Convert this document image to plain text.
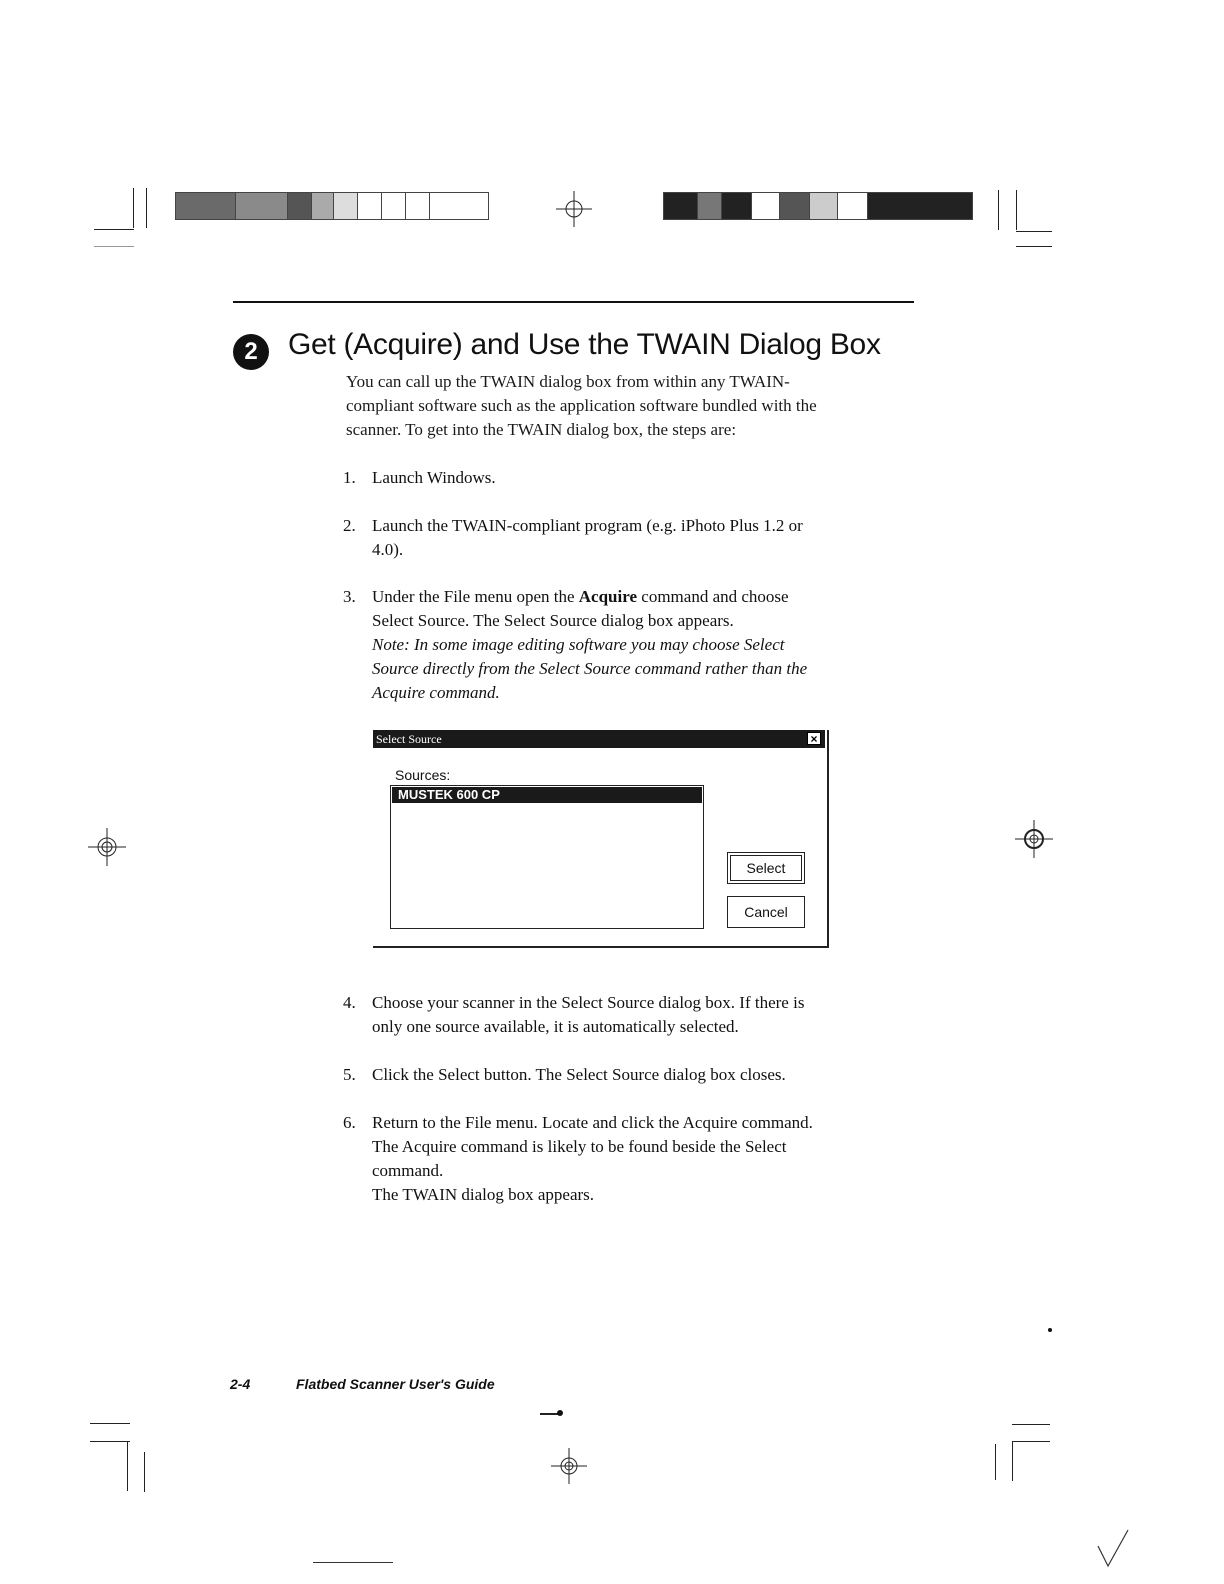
2	Get (Acquire) and Use the TWAIN Dialog Box
You can call up the TWAIN dialog box from within any TWAIN-
compliant software such as the application software bundled with the
scanner. To get into the TWAIN dialog box, the steps are:
1. Launch Windows.
2. Launch the TWAIN-compliant program (e.g. iPhoto Plus 1.2 or
4.0).
3. Under the File menu open the Acquire command and choose
Select Source. The Select Source dialog box appears.
Note: In some image editing software you may choose Select
Source directly from the Select Source command rather than the
Acquire command.
Select Source	×
Sources:
MUSTEK 600 CP
Select
Cancel
4. Choose your scanner in the Select Source dialog box. If there is
only one source available, it is automatically selected.
5. Click the Select button. The Select Source dialog box closes.
6. Return to the File menu. Locate and click the Acquire command.
The Acquire command is likely to be found beside the Select
command.
The TWAIN dialog box appears.
2-4	Flatbed Scanner User's Guide
